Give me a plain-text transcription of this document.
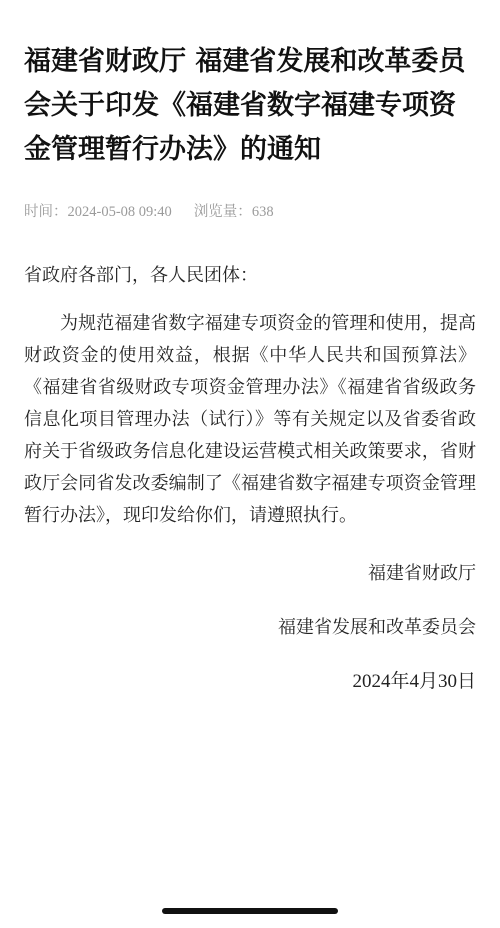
福建省财政厅 福建省发展和改革委员会关于印发《福建省数字福建专项资金管理暂行办法》的通知
时间：2024-05-08 09:40 浏览量：638
省政府各部门，各人民团体：

为规范福建省数字福建专项资金的管理和使用，提高财政资金的使用效益，根据《中华人民共和国预算法》《福建省省级财政专项资金管理办法》《福建省省级政务信息化项目管理办法（试行）》等有关规定以及省委省政府关于省级政务信息化建设运营模式相关政策要求，省财政厅会同省发改委编制了《福建省数字福建专项资金管理暂行办法》，现印发给你们，请遵照执行。

福建省财政厅
福建省发展和改革委员会
2024年4月30日
